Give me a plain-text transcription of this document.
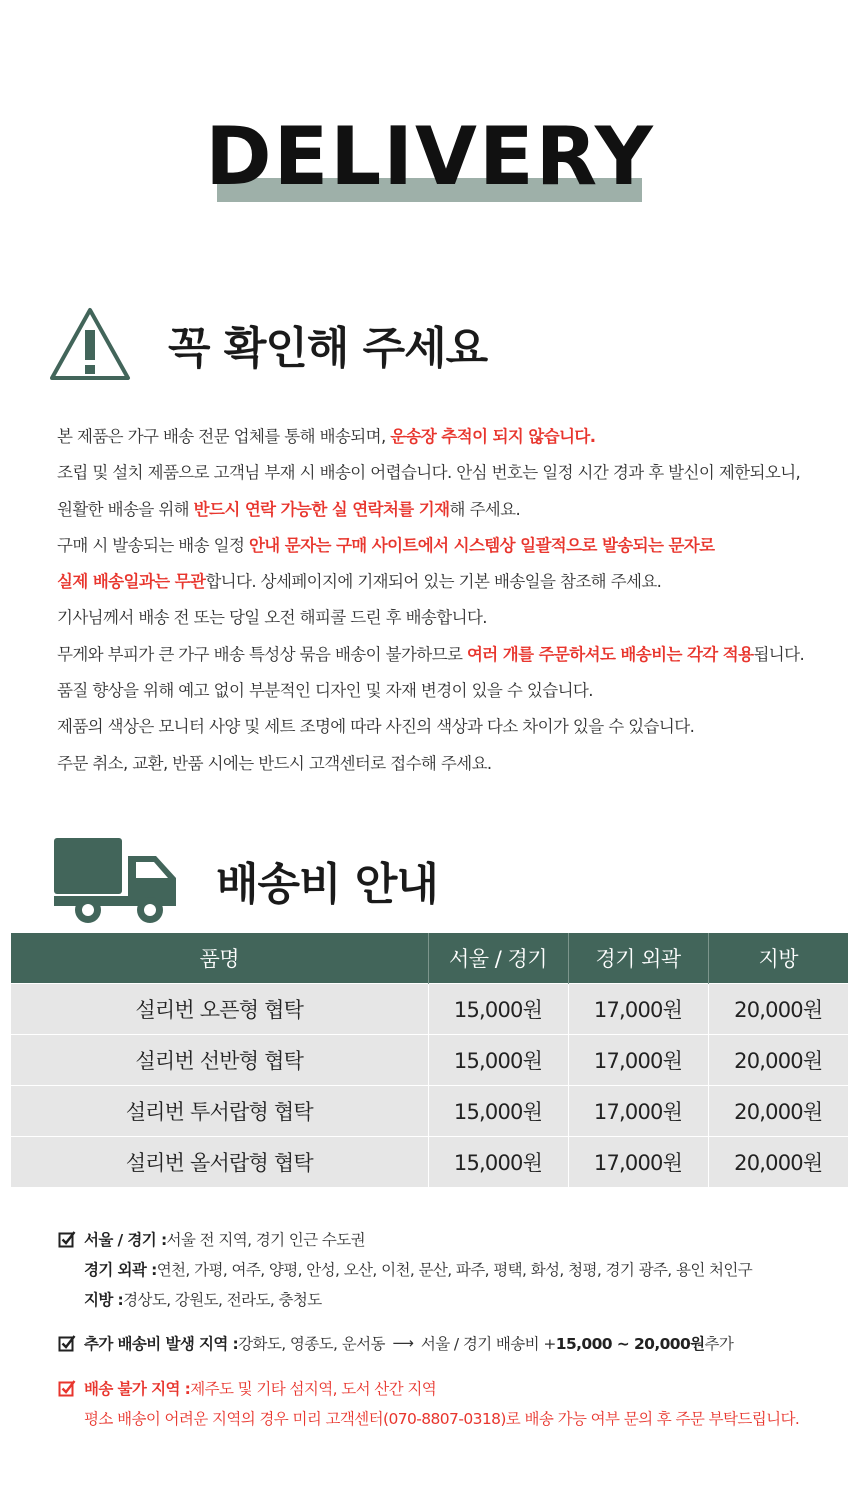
DELIVERY
꼭 확인해 주세요

본 제품은 가구 배송 전문 업체를 통해 배송되며, 운송장 추적이 되지 않습니다.

조립 및 설치 제품으로 고객님 부재 시 배송이 어렵습니다. 안심 번호는 일정 시간 경과 후 발신이 제한되오니,

원활한 배송을 위해 반드시 연락 가능한 실 연락처를 기재해 주세요.

구매 시 발송되는 배송 일정 안내 문자는 구매 사이트에서 시스템상 일괄적으로 발송되는 문자로

실제 배송일과는 무관합니다. 상세페이지에 기재되어 있는 기본 배송일을 참조해 주세요.

기사님께서 배송 전 또는 당일 오전 해피콜 드린 후 배송합니다.

무게와 부피가 큰 가구 배송 특성상 묶음 배송이 불가하므로 여러 개를 주문하셔도 배송비는 각각 적용됩니다.

품질 향상을 위해 예고 없이 부분적인 디자인 및 자재 변경이 있을 수 있습니다.

제품의 색상은 모니터 사양 및 세트 조명에 따라 사진의 색상과 다소 차이가 있을 수 있습니다.

주문 취소, 교환, 반품 시에는 반드시 고객센터로 접수해 주세요.

배송비 안내
품명	서울 / 경기	경기 외곽	지방
설리번 오픈형 협탁	15,000원	17,000원	20,000원
설리번 선반형 협탁	15,000원	17,000원	20,000원
설리번 투서랍형 협탁	15,000원	17,000원	20,000원
설리번 올서랍형 협탁	15,000원	17,000원	20,000원
서울 / 경기 : 서울 전 지역, 경기 인근 수도권
경기 외곽 : 연천, 가평, 여주, 양평, 안성, 오산, 이천, 문산, 파주, 평택, 화성, 청평, 경기 광주, 용인 처인구
지방 : 경상도, 강원도, 전라도, 충청도
추가 배송비 발생 지역 : 강화도, 영종도, 운서동 ⟶ 서울 / 경기 배송비 + 15,000 ~ 20,000원 추가
배송 불가 지역 : 제주도 및 기타 섬지역, 도서 산간 지역
평소 배송이 어려운 지역의 경우 미리 고객센터(070-8807-0318)로 배송 가능 여부 문의 후 주문 부탁드립니다.
